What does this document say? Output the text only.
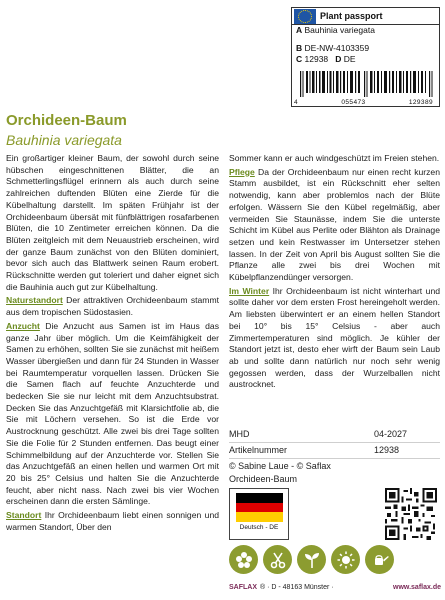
Plant passport
A Bauhinia variegata
B DE-NW-4103359
C 12938 D DE
4	055473	129389
Orchideen-Baum
Bauhinia variegata

Ein großartiger kleiner Baum, der sowohl durch seine hübschen eingeschnittenen Blätter, die an Schmetterlingsflügel erinnern als auch durch seine zahlreichen duftenden Blüten eine Zierde für die Kübelhaltung darstellt. Im späten Frühjahr ist der Orchideenbaum übersät mit fünfblättrigen rosafarbenen Blüten, die 10 Zentimeter erreichen können. Da die Blüten zeitgleich mit dem Neuaustrieb erscheinen, wird der ganze Baum zunächst von den Blüten dominiert, bevor sich auch das Blattwerk seinen Raum erobert. Rückschnitte werden gut toleriert und daher eignet sich die Bauhinia auch gut zur Kübelhaltung.

Naturstandort Der attraktiven Orchideenbaum stammt aus dem tropischen Südostasien.

Anzucht Die Anzucht aus Samen ist im Haus das ganze Jahr über möglich. Um die Keimfähigkeit der Samen zu erhöhen, sollten Sie sie zunächst mit heißem Wasser übergießen und dann für 24 Stunden in Wasser bei Raumtemperatur vorquellen lassen. Drücken Sie die Samen flach auf feuchte Anzuchterde und bedecken Sie sie nur leicht mit dem Anzuchtsubstrat. Decken Sie das Anzuchtgefäß mit Klarsichtfolie ab, die Sie mit Löchern versehen. So ist die Erde vor Austrocknung geschützt. Alle zwei bis drei Tage sollten Sie die Folie für 2 Stunden entfernen. Das beugt einer Schimmelbildung auf der Anzuchterde vor. Stellen Sie das Anzuchtgefäß an einen hellen und warmen Ort mit 20 bis 25° Celsius und halten Sie die Anzuchterde feucht, aber nicht nass. Nach zwei bis vier Wochen erscheinen dann die ersten Sämlinge.

Standort Ihr Orchideenbaum liebt einen sonnigen und warmen Standort, Über den

Sommer kann er auch windgeschützt im Freien stehen.

Pflege Da der Orchideenbaum nur einen recht kurzen Stamm ausbildet, ist ein Rückschnitt eher selten notwendig, kann aber problemlos nach der Blüte erfolgen. Wässern Sie den Kübel regelmäßig, aber vermeiden Sie Staunässe, indem Sie die unterste Schicht im Kübel aus Perlite oder Blähton als Drainage setzen und kein Restwasser im Untersetzer stehen lassen. In der Zeit von April bis August sollten Sie die Pflanze alle zwei bis drei Wochen mit Kübelpflanzendünger versorgen.

Im Winter Ihr Orchideenbaum ist nicht winterhart und sollte daher vor dem ersten Frost hereingeholt werden. Am liebsten überwintert er an einem hellen Standort bei 10° bis 15° Celsius - aber auch Zimmertemperaturen sind möglich. Je kühler der Standort jetzt ist, desto eher wirft der Baum sein Laub ab und sollte dann natürlich nur noch sehr wenig gegossen werden, dass der Wurzelballen nicht austrocknet.

MHD	04-2027
Artikelnummer	12938
© Sabine Laue - © Saflax
Orchideen-Baum
Deutsch - DE
SAFLAX ® · D - 48163 Münster ·	www.saflax.de
